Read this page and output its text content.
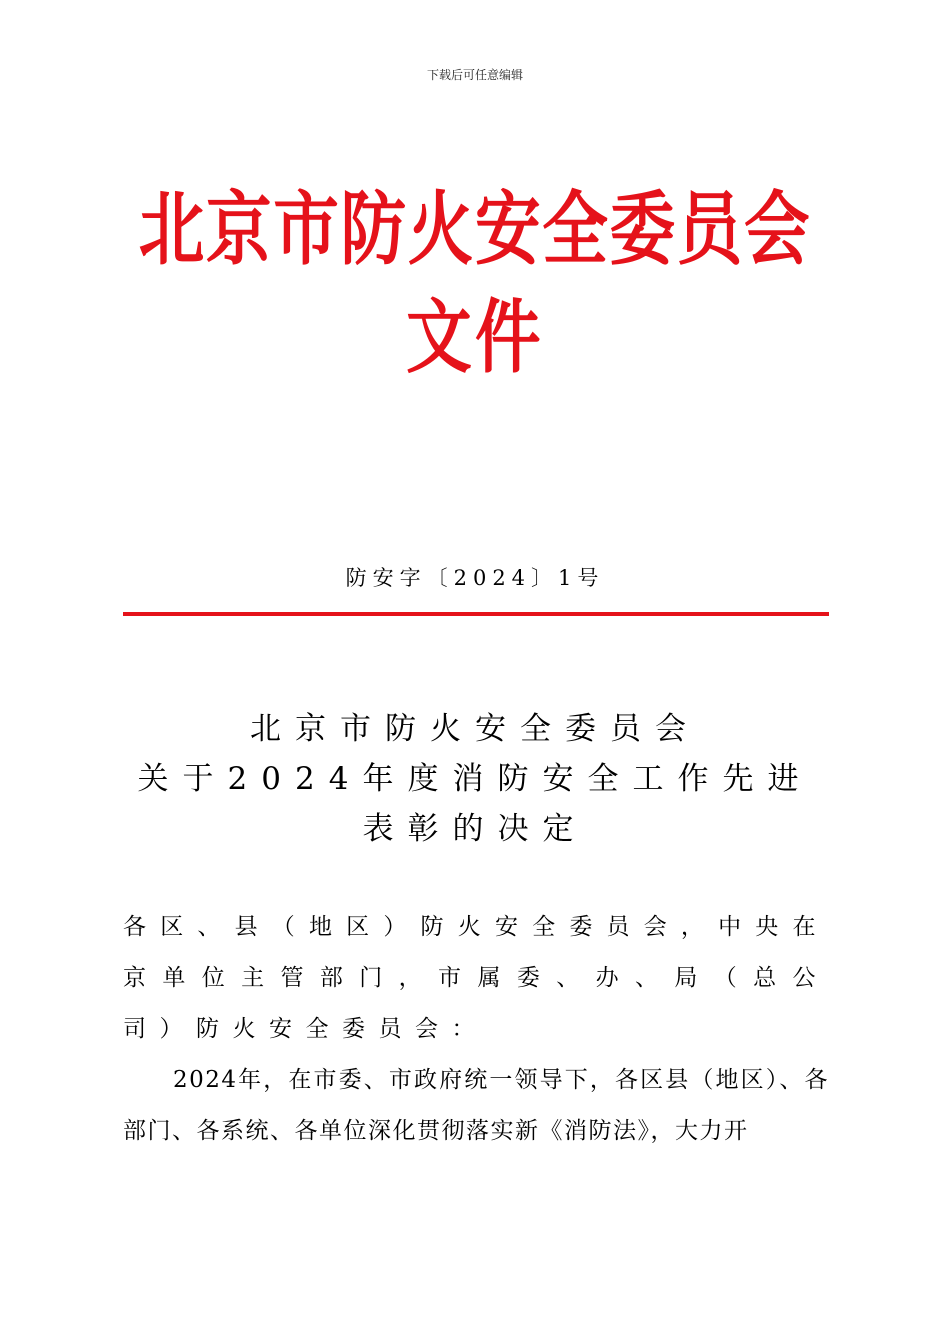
下载后可任意编辑
北京市防火安全委员会
文件
防安字〔2024〕1号
北京市防火安全委员会
关于2024年度消防安全工作先进
表彰的决定

各区、县（地区）防火安全委员会，中央在京单位主管部门，市属委、办、局（总公司）防火安全委员会：

2024年，在市委、市政府统一领导下，各区县（地区）、各部门、各系统、各单位深化贯彻落实新《消防法》，大力开
